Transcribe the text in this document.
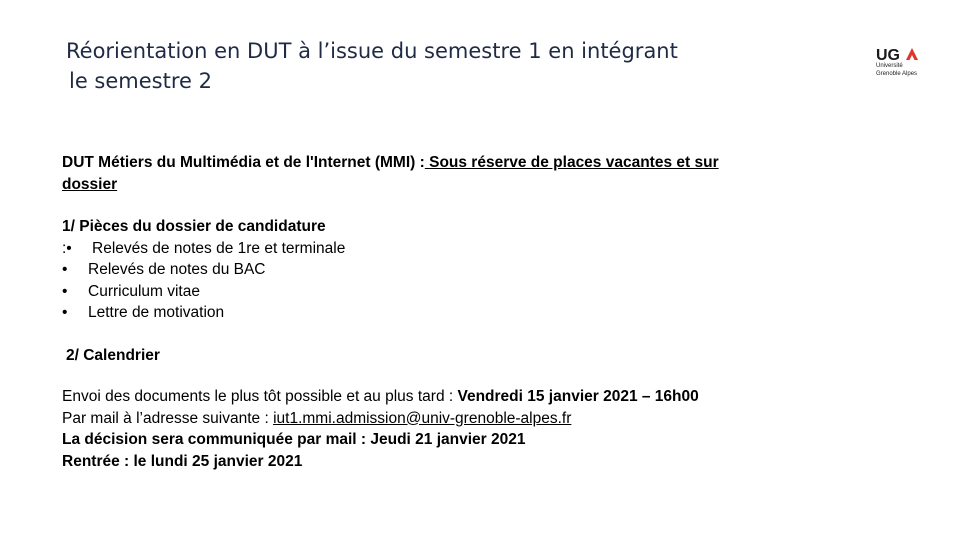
Réorientation en DUT à l’issue du semestre 1 en intégrant
le semestre 2
UG
Université
Grenoble Alpes
DUT Métiers du Multimédia et de l'Internet (MMI) : Sous réserve de places vacantes et sur
dossier
1/ Pièces du dossier de candidature
:•	Relevés de notes de 1re et terminale
•	Relevés de notes du BAC
•	Curriculum vitae
•	Lettre de motivation
2/ Calendrier
Envoi des documents le plus tôt possible et au plus tard : Vendredi 15 janvier 2021 – 16h00
Par mail à l’adresse suivante : iut1.mmi.admission@univ-grenoble-alpes.fr
La décision sera communiquée par mail : Jeudi 21 janvier 2021
Rentrée : le lundi 25 janvier 2021
